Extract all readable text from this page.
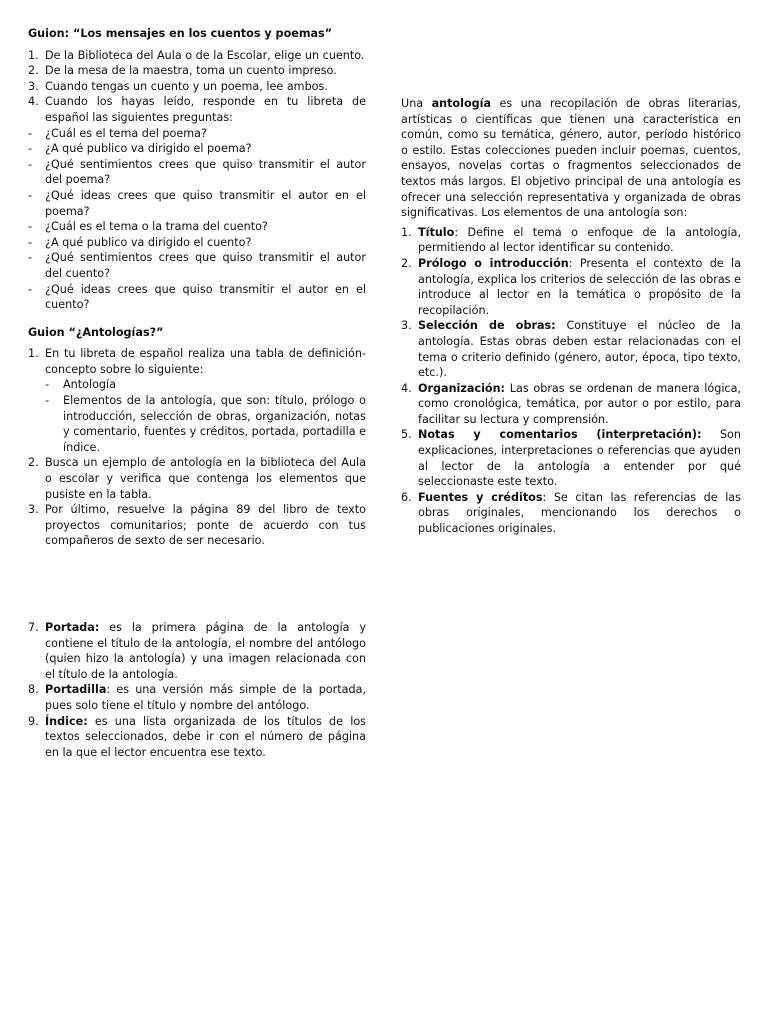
Guion: “Los mensajes en los cuentos y poemas”
1. De la Biblioteca del Aula o de la Escolar, elige un cuento.
2. De la mesa de la maestra, toma un cuento impreso.
3. Cuando tengas un cuento y un poema, lee ambos.
4. Cuando los hayas leído, responde en tu libreta de español las siguientes preguntas:
- ¿Cuál es el tema del poema?
- ¿A qué publico va dirigido el poema?
- ¿Qué sentimientos crees que quiso transmitir el autor del poema?
- ¿Qué ideas crees que quiso transmitir el autor en el poema?
- ¿Cuál es el tema o la trama del cuento?
- ¿A qué publico va dirigido el cuento?
- ¿Qué sentimientos crees que quiso transmitir el autor del cuento?
- ¿Qué ideas crees que quiso transmitir el autor en el cuento?
Guion “¿Antologías?”
1. En tu libreta de español realiza una tabla de definición-concepto sobre lo siguiente:
- Antología
- Elementos de la antología, que son: título, prólogo o introducción, selección de obras, organización, notas y comentario, fuentes y créditos, portada, portadilla e índice.
2. Busca un ejemplo de antología en la biblioteca del Aula o escolar y verifica que contenga los elementos que pusiste en la tabla.
3. Por último, resuelve la página 89 del libro de texto proyectos comunitarios; ponte de acuerdo con tus compañeros de sexto de ser necesario.
7. Portada: es la primera página de la antología y contiene el título de la antología, el nombre del antólogo (quien hizo la antología) y una imagen relacionada con el título de la antología.
8. Portadilla: es una versión más simple de la portada, pues solo tiene el título y nombre del antólogo.
9. Índice: es una lista organizada de los títulos de los textos seleccionados, debe ir con el número de página en la que el lector encuentra ese texto.

Una antología es una recopilación de obras literarias, artísticas o científicas que tienen una característica en común, como su temática, género, autor, período histórico o estilo. Estas colecciones pueden incluir poemas, cuentos, ensayos, novelas cortas o fragmentos seleccionados de textos más largos. El objetivo principal de una antología es ofrecer una selección representativa y organizada de obras significativas. Los elementos de una antología son:

1. Título: Define el tema o enfoque de la antología, permitiendo al lector identificar su contenido.
2. Prólogo o introducción: Presenta el contexto de la antología, explica los criterios de selección de las obras e introduce al lector en la temática o propósito de la recopilación.
3. Selección de obras: Constituye el núcleo de la antología. Estas obras deben estar relacionadas con el tema o criterio definido (género, autor, época, tipo texto, etc.).
4. Organización: Las obras se ordenan de manera lógica, como cronológica, temática, por autor o por estilo, para facilitar su lectura y comprensión.
5. Notas y comentarios (interpretación): Son explicaciones, interpretaciones o referencias que ayuden al lector de la antología a entender por qué seleccionaste este texto.
6. Fuentes y créditos: Se citan las referencias de las obras originales, mencionando los derechos o publicaciones originales.
